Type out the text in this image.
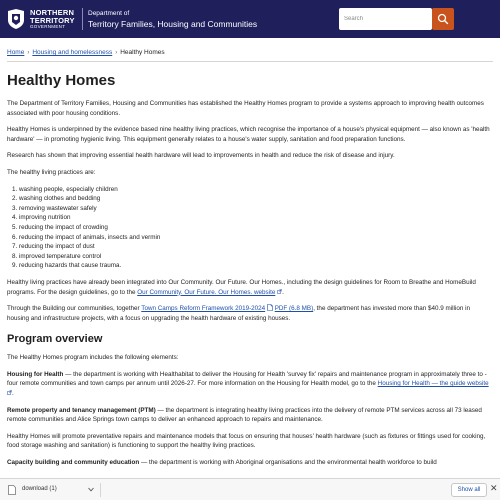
NORTHERN
TERRITORY
GOVERNMENT
Department of
Territory Families, Housing and Communities
Search
Home › Housing and homelessness › Healthy Homes
Healthy Homes

The Department of Territory Families, Housing and Communities has established the Healthy Homes program to provide a systems approach to improving health outcomes associated with poor housing conditions.

Healthy Homes is underpinned by the evidence based nine healthy living practices, which recognise the importance of a house's physical equipment — also known as 'health hardware' — in promoting hygienic living. This equipment generally relates to a house's water supply, sanitation and food preparation functions.

Research has shown that improving essential health hardware will lead to improvements in health and reduce the risk of disease and injury.

The healthy living practices are:

1. washing people, especially children
2. washing clothes and bedding
3. removing wastewater safely
4. improving nutrition
5. reducing the impact of crowding
6. reducing the impact of animals, insects and vermin
7. reducing the impact of dust
8. improved temperature control
9. reducing hazards that cause trauma.

Healthy living practices have already been integrated into Our Community. Our Future. Our Homes., including the design guidelines for Room to Breathe and HomeBuild programs. For the design guidelines, go to the Our Community. Our Future. Our Homes. website .

Through the Building our communities, together Town Camps Reform Framework 2019-2024 PDF (6.8 MB), the department has invested more than $40.9 million in housing and infrastructure projects, with a focus on upgrading the health hardware of existing houses.

Program overview

The Healthy Homes program includes the following elements:

Housing for Health — the department is working with Healthabitat to deliver the Housing for Health 'survey fix' repairs and maintenance program in approximately three to -four remote communities and town camps per annum until 2026-27. For more information on the Housing for Health model, go to the Housing for Health — the guide website .

Remote property and tenancy management (PTM) — the department is integrating healthy living practices into the delivery of remote PTM services across all 73 leased remote communities and Alice Springs town camps to deliver an enhanced approach to repairs and maintenance.

Healthy Homes will promote preventative repairs and maintenance models that focus on ensuring that houses' health hardware (such as fixtures or fittings used for cooking, food storage washing and sanitation) is functioning to support the healthy living practices.

Capacity building and community education — the department is working with Aboriginal organisations and the environmental health workforce to build

download (1)	Show all	✕
